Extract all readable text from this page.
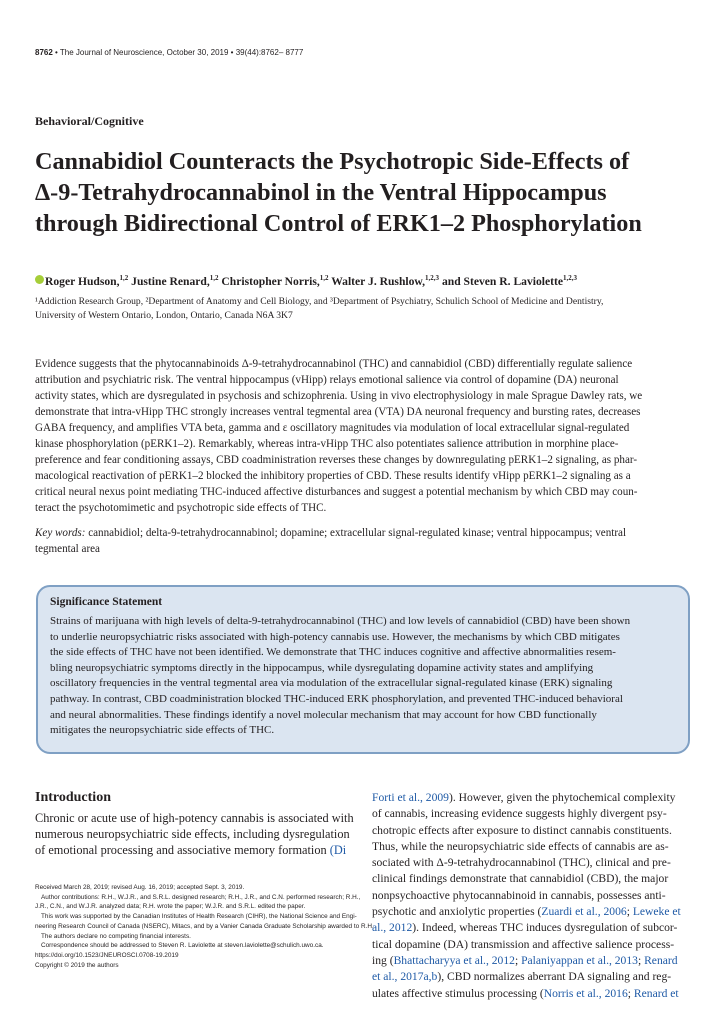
8762 • The Journal of Neuroscience, October 30, 2019 • 39(44):8762– 8777
Behavioral/Cognitive
Cannabidiol Counteracts the Psychotropic Side-Effects of
Δ-9-Tetrahydrocannabinol in the Ventral Hippocampus
through Bidirectional Control of ERK1–2 Phosphorylation
Roger Hudson,$^{1,2}$ Justine Renard,$^{1,2}$ Christopher Norris,$^{1,2}$ Walter J. Rushlow,$^{1,2,3}$ and Steven R. Laviolette$^{1,2,3}$
¹Addiction Research Group, ²Department of Anatomy and Cell Biology, and ³Department of Psychiatry, Schulich School of Medicine and Dentistry,
University of Western Ontario, London, Ontario, Canada N6A 3K7
Evidence suggests that the phytocannabinoids Δ-9-tetrahydrocannabinol (THC) and cannabidiol (CBD) differentially regulate salience
attribution and psychiatric risk. The ventral hippocampus (vHipp) relays emotional salience via control of dopamine (DA) neuronal
activity states, which are dysregulated in psychosis and schizophrenia. Using in vivo electrophysiology in male Sprague Dawley rats, we
demonstrate that intra-vHipp THC strongly increases ventral tegmental area (VTA) DA neuronal frequency and bursting rates, decreases
GABA frequency, and amplifies VTA beta, gamma and ε oscillatory magnitudes via modulation of local extracellular signal-regulated
kinase phosphorylation (pERK1–2). Remarkably, whereas intra-vHipp THC also potentiates salience attribution in morphine place-
preference and fear conditioning assays, CBD coadministration reverses these changes by downregulating pERK1–2 signaling, as phar-
macological reactivation of pERK1–2 blocked the inhibitory properties of CBD. These results identify vHipp pERK1–2 signaling as a
critical neural nexus point mediating THC-induced affective disturbances and suggest a potential mechanism by which CBD may coun-
teract the psychotomimetic and psychotropic side effects of THC.
Key words: cannabidiol; delta-9-tetrahydrocannabinol; dopamine; extracellular signal-regulated kinase; ventral hippocampus; ventral
tegmental area
Significance Statement
Strains of marijuana with high levels of delta-9-tetrahydrocannabinol (THC) and low levels of cannabidiol (CBD) have been shown
to underlie neuropsychiatric risks associated with high-potency cannabis use. However, the mechanisms by which CBD mitigates
the side effects of THC have not been identified. We demonstrate that THC induces cognitive and affective abnormalities resem-
bling neuropsychiatric symptoms directly in the hippocampus, while dysregulating dopamine activity states and amplifying
oscillatory frequencies in the ventral tegmental area via modulation of the extracellular signal-regulated kinase (ERK) signaling
pathway. In contrast, CBD coadministration blocked THC-induced ERK phosphorylation, and prevented THC-induced behavioral
and neural abnormalities. These findings identify a novel molecular mechanism that may account for how CBD functionally
mitigates the neuropsychiatric side effects of THC.
Introduction
Chronic or acute use of high-potency cannabis is associated with
numerous neuropsychiatric side effects, including dysregulation
of emotional processing and associative memory formation (Di
Received March 28, 2019; revised Aug. 16, 2019; accepted Sept. 3, 2019.
Author contributions: R.H., W.J.R., and S.R.L. designed research; R.H., J.R., and C.N. performed research; R.H.,
J.R., C.N., and W.J.R. analyzed data; R.H. wrote the paper; W.J.R. and S.R.L. edited the paper.
This work was supported by the Canadian Institutes of Health Research (CIHR), the National Science and Engi-
neering Research Council of Canada (NSERC), Mitacs, and by a Vanier Canada Graduate Scholarship awarded to R.H.
The authors declare no competing financial interests.
Correspondence should be addressed to Steven R. Laviolette at steven.laviolette@schulich.uwo.ca.
https://doi.org/10.1523/JNEUROSCI.0708-19.2019
Copyright © 2019 the authors
Forti et al., 2009). However, given the phytochemical complexity
of cannabis, increasing evidence suggests highly divergent psy-
chotropic effects after exposure to distinct cannabis constituents.
Thus, while the neuropsychiatric side effects of cannabis are as-
sociated with Δ-9-tetrahydrocannabinol (THC), clinical and pre-
clinical findings demonstrate that cannabidiol (CBD), the major
nonpsychoactive phytocannabinoid in cannabis, possesses anti-
psychotic and anxiolytic properties (Zuardi et al., 2006; Leweke et
al., 2012). Indeed, whereas THC induces dysregulation of subcor-
tical dopamine (DA) transmission and affective salience process-
ing (Bhattacharyya et al., 2012; Palaniyappan et al., 2013; Renard
et al., 2017a,b), CBD normalizes aberrant DA signaling and reg-
ulates affective stimulus processing (Norris et al., 2016; Renard et
